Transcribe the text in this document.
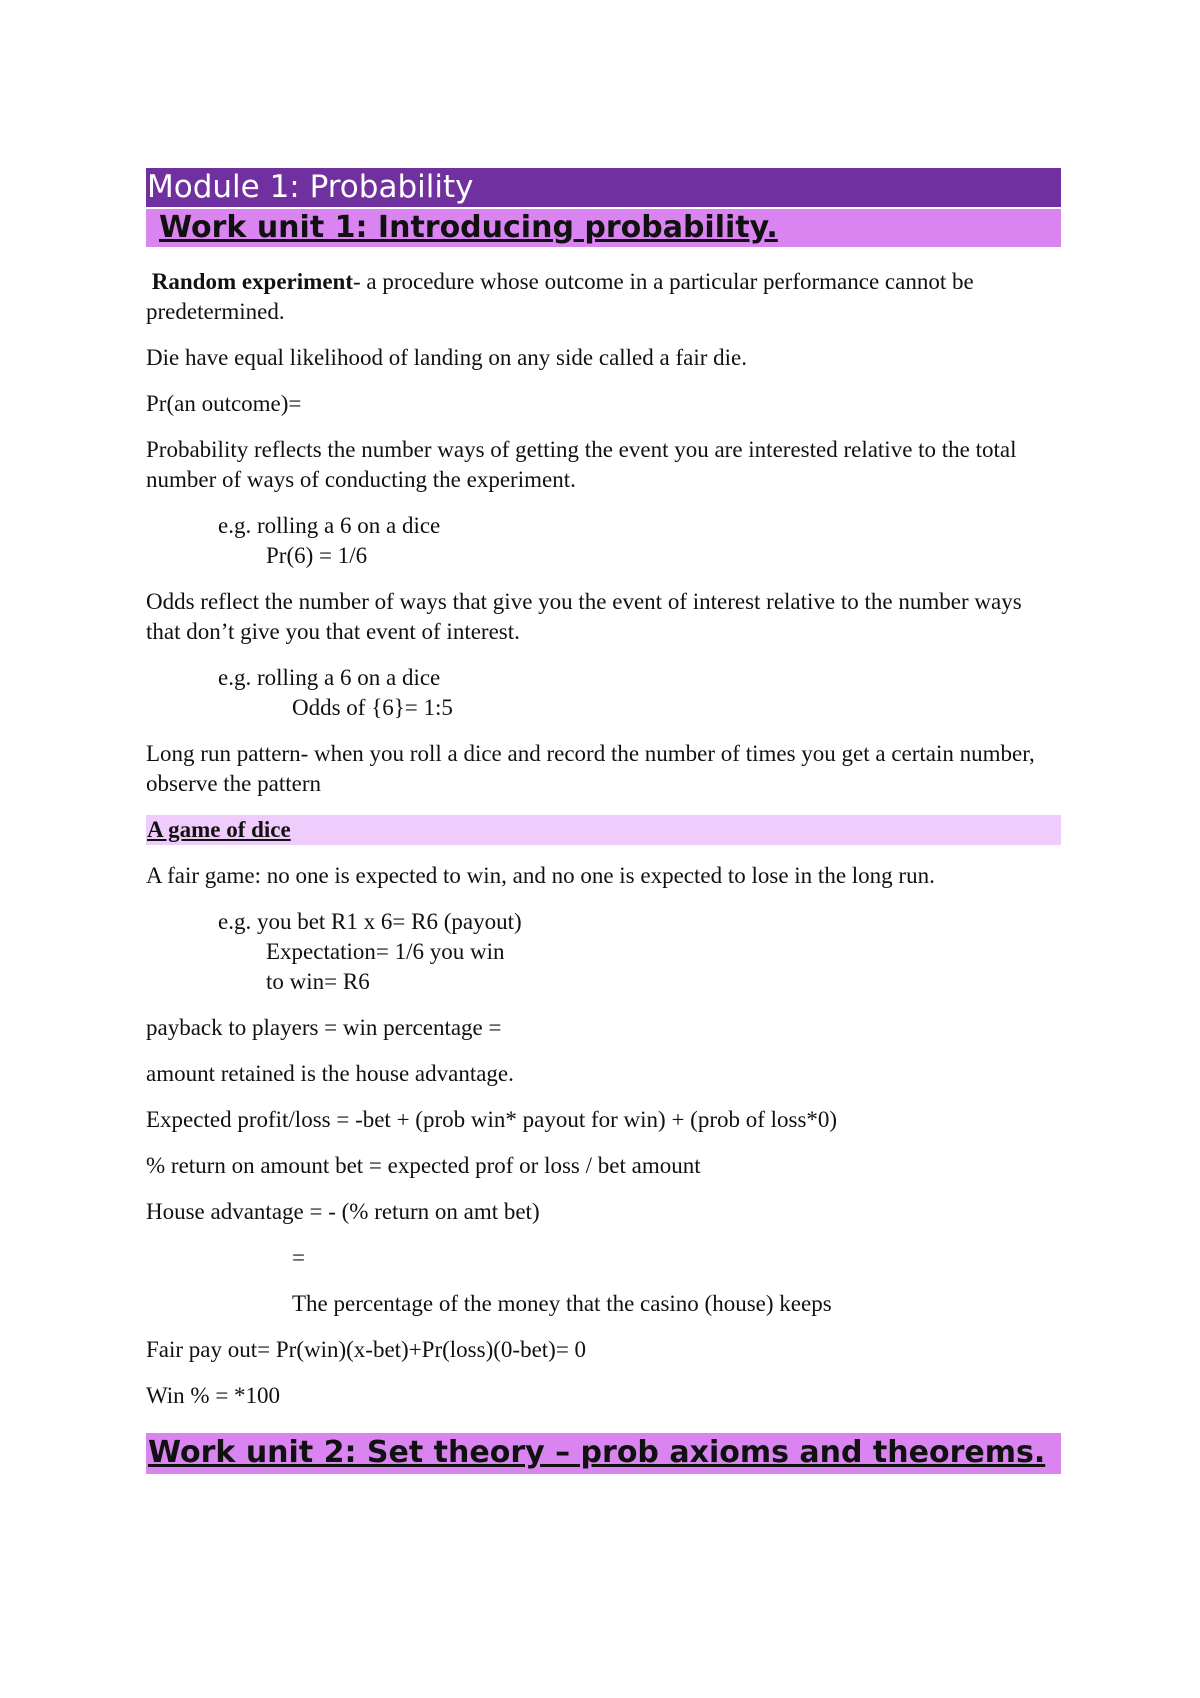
Module 1: Probability
Work unit 1: Introducing probability.

Random experiment- a procedure whose outcome in a particular performance cannot be predetermined.

Die have equal likelihood of landing on any side called a fair die.

Pr(an outcome)=

Probability reflects the number ways of getting the event you are interested relative to the total number of ways of conducting the experiment.

e.g. rolling a 6 on a dice

Pr(6) = 1/6

Odds reflect the number of ways that give you the event of interest relative to the number ways that don’t give you that event of interest.

e.g. rolling a 6 on a dice

Odds of {6}= 1:5

Long run pattern- when you roll a dice and record the number of times you get a certain number, observe the pattern

A game of dice

A fair game: no one is expected to win, and no one is expected to lose in the long run.

e.g. you bet R1 x 6= R6 (payout)

Expectation= 1/6 you win

to win= R6

payback to players = win percentage =

amount retained is the house advantage.

Expected profit/loss = -bet + (prob win* payout for win) + (prob of loss*0)

% return on amount bet = expected prof or loss / bet amount

House advantage = - (% return on amt bet)

=

The percentage of the money that the casino (house) keeps

Fair pay out= Pr(win)(x-bet)+Pr(loss)(0-bet)= 0

Win % = *100

Work unit 2: Set theory – prob axioms and theorems.
